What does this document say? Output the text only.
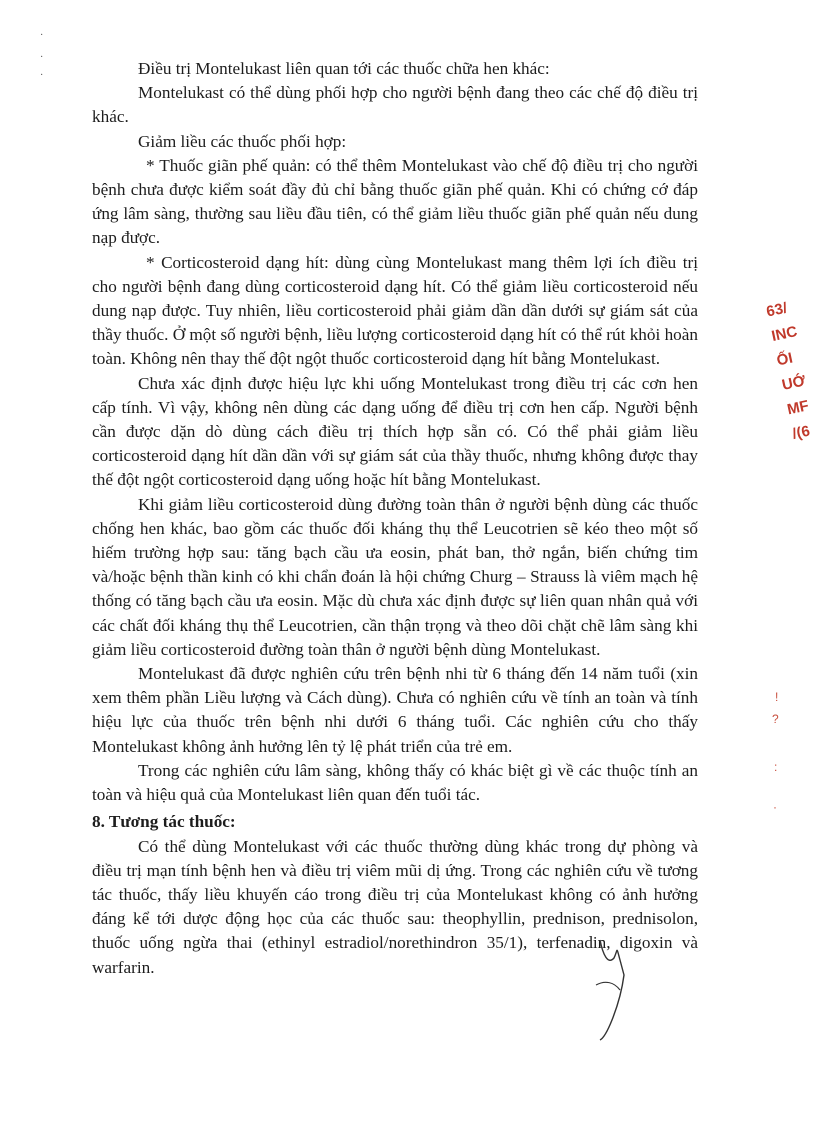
·
·
·	Điều trị Montelukast liên quan tới các thuốc chữa hen khác:

Montelukast có thể dùng phối hợp cho người bệnh đang theo các chế độ điều trị khác.

Giảm liều các thuốc phối hợp:

* Thuốc giãn phế quản: có thể thêm Montelukast vào chế độ điều trị cho người bệnh chưa được kiểm soát đầy đủ chỉ bằng thuốc giãn phế quản. Khi có chứng cớ đáp ứng lâm sàng, thường sau liều đầu tiên, có thể giảm liều thuốc giãn phế quản nếu dung nạp được.

* Corticosteroid dạng hít: dùng cùng Montelukast mang thêm lợi ích điều trị cho người bệnh đang dùng corticosteroid dạng hít. Có thể giảm liều corticosteroid nếu dung nạp được. Tuy nhiên, liều corticosteroid phải giảm dần dần dưới sự giám sát của thầy thuốc. Ở một số người bệnh, liều lượng corticosteroid dạng hít có thể rút khỏi hoàn toàn. Không nên thay thế đột ngột thuốc corticosteroid dạng hít bằng Montelukast.

Chưa xác định được hiệu lực khi uống Montelukast trong điều trị các cơn hen cấp tính. Vì vậy, không nên dùng các dạng uống để điều trị cơn hen cấp. Người bệnh cần được dặn dò dùng cách điều trị thích hợp sẵn có. Có thể phải giảm liều corticosteroid dạng hít dần dần với sự giám sát của thầy thuốc, nhưng không được thay thế đột ngột corticosteroid dạng uống hoặc hít bằng Montelukast.

Khi giảm liều corticosteroid dùng đường toàn thân ở người bệnh dùng các thuốc chống hen khác, bao gồm các thuốc đối kháng thụ thể Leucotrien sẽ kéo theo một số hiếm trường hợp sau: tăng bạch cầu ưa eosin, phát ban, thở ngắn, biến chứng tim và/hoặc bệnh thần kinh có khi chẩn đoán là hội chứng Churg – Strauss là viêm mạch hệ thống có tăng bạch cầu ưa eosin. Mặc dù chưa xác định được sự liên quan nhân quả với các chất đối kháng thụ thể Leucotrien, cần thận trọng và theo dõi chặt chẽ lâm sàng khi giảm liều corticosteroid đường toàn thân ở người bệnh dùng Montelukast.

Montelukast đã được nghiên cứu trên bệnh nhi từ 6 tháng đến 14 năm tuổi (xin xem thêm phần Liều lượng và Cách dùng). Chưa có nghiên cứu về tính an toàn và tính hiệu lực của thuốc trên bệnh nhi dưới 6 tháng tuổi. Các nghiên cứu cho thấy Montelukast không ảnh hưởng lên tỷ lệ phát triển của trẻ em.

Trong các nghiên cứu lâm sàng, không thấy có khác biệt gì về các thuộc tính an toàn và hiệu quả của Montelukast liên quan đến tuổi tác.

8. Tương tác thuốc:

Có thể dùng Montelukast với các thuốc thường dùng khác trong dự phòng và điều trị mạn tính bệnh hen và điều trị viêm mũi dị ứng. Trong các nghiên cứu về tương tác thuốc, thấy liều khuyến cáo trong điều trị của Montelukast không có ảnh hưởng đáng kể tới dược động học của các thuốc sau: theophyllin, prednison, prednisolon, thuốc uống ngừa thai (ethinyl estradiol/norethindron 35/1), terfenadin, digoxin và warfarin.

63/
INC
ỐI
UỚ
MF
/(6
!
?
:
·
